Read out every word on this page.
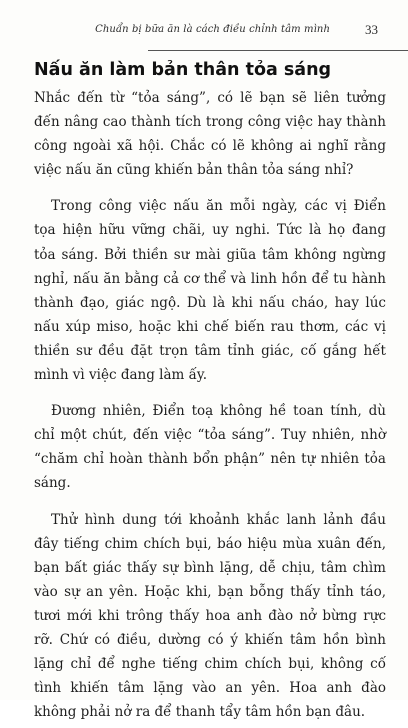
Chuẩn bị bữa ăn là cách điều chỉnh tâm mình	33
Nấu ăn làm bản thân tỏa sáng

Nhắc đến từ “tỏa sáng”, có lẽ bạn sẽ liên tưởng đến nâng cao thành tích trong công việc hay thành công ngoài xã hội. Chắc có lẽ không ai nghĩ rằng việc nấu ăn cũng khiến bản thân tỏa sáng nhỉ?

Trong công việc nấu ăn mỗi ngày, các vị Điển tọa hiện hữu vững chãi, uy nghi. Tức là họ đang tỏa sáng. Bởi thiền sư mài giũa tâm không ngừng nghỉ, nấu ăn bằng cả cơ thể và linh hồn để tu hành thành đạo, giác ngộ. Dù là khi nấu cháo, hay lúc nấu xúp miso, hoặc khi chế biến rau thơm, các vị thiền sư đều đặt trọn tâm tỉnh giác, cố gắng hết mình vì việc đang làm ấy.

Đương nhiên, Điển toạ không hề toan tính, dù chỉ một chút, đến việc “tỏa sáng”. Tuy nhiên, nhờ “chăm chỉ hoàn thành bổn phận” nên tự nhiên tỏa sáng.

Thử hình dung tới khoảnh khắc lanh lảnh đầu đây tiếng chim chích bụi, báo hiệu mùa xuân đến, bạn bất giác thấy sự bình lặng, dễ chịu, tâm chìm vào sự an yên. Hoặc khi, bạn bỗng thấy tỉnh táo, tươi mới khi trông thấy hoa anh đào nở bừng rực rỡ. Chứ có điều, dường có ý khiến tâm hồn bình lặng chỉ để nghe tiếng chim chích bụi, không cố tình khiến tâm lặng vào an yên. Hoa anh đào không phải nở ra để thanh tẩy tâm hồn bạn đâu.
